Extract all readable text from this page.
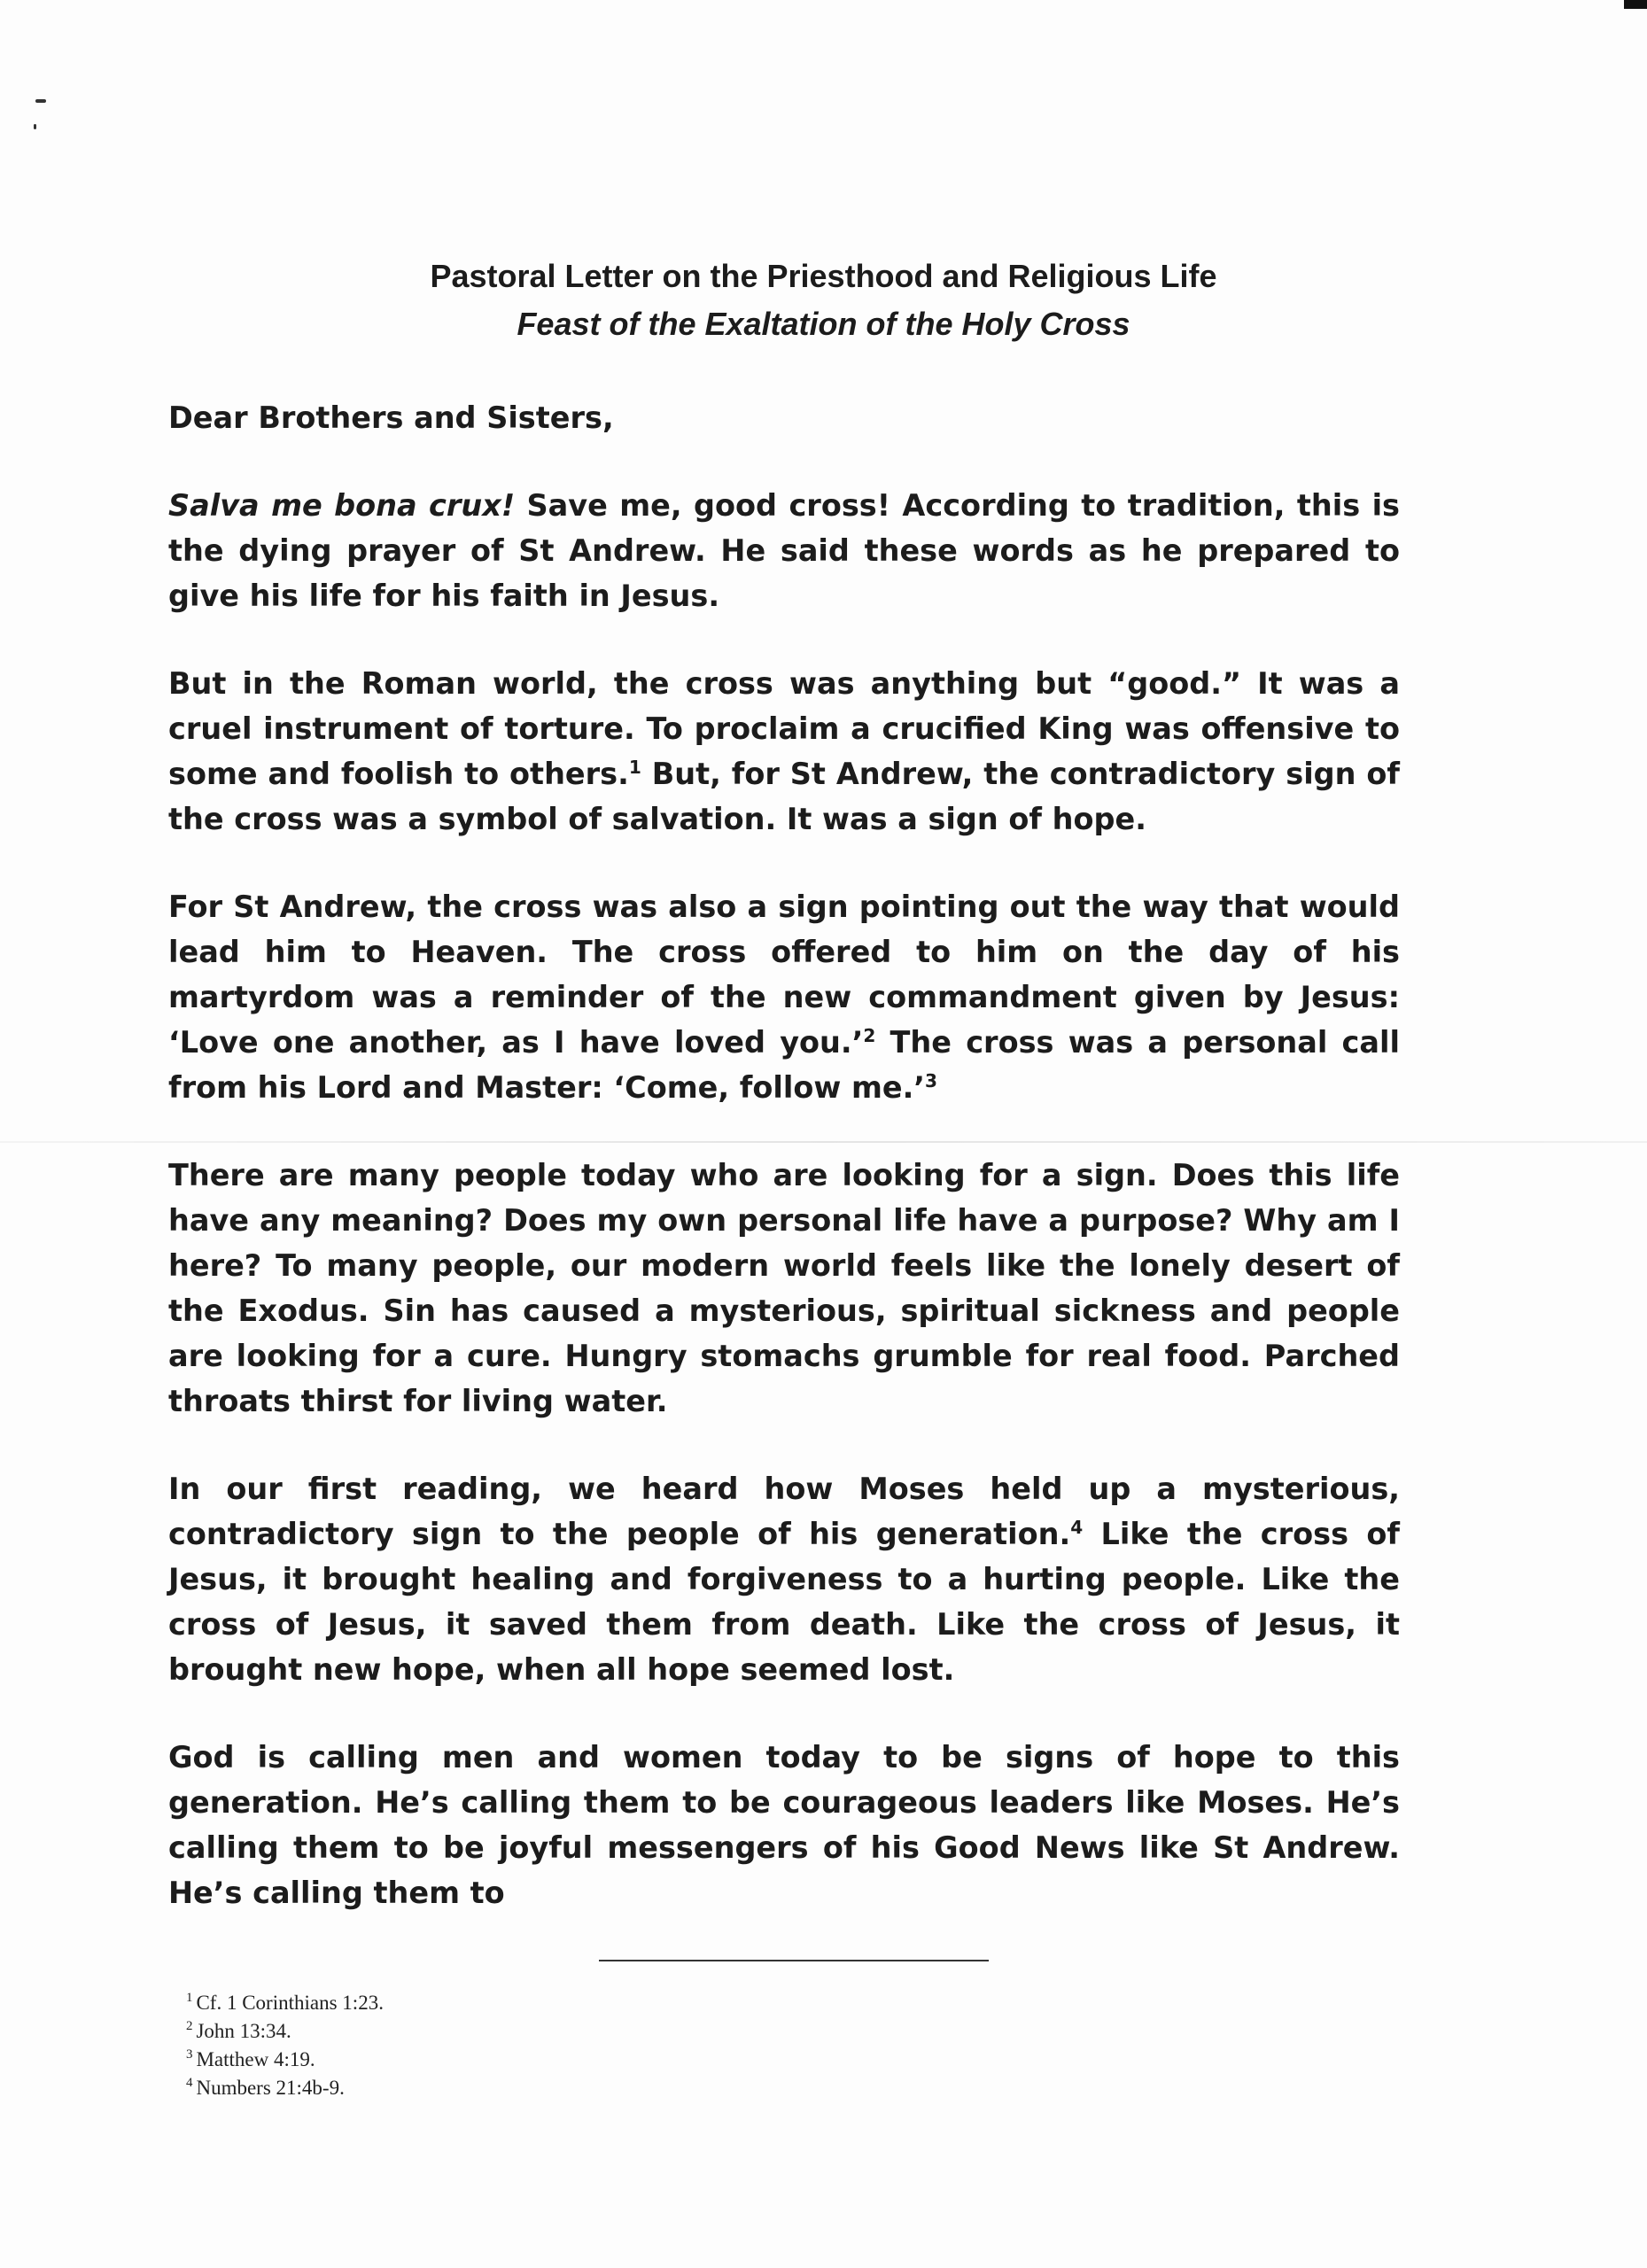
Pastoral Letter on the Priesthood and Religious Life
Feast of the Exaltation of the Holy Cross

Dear Brothers and Sisters,

Salva me bona crux! Save me, good cross! According to tradition, this is the dying prayer of St Andrew. He said these words as he prepared to give his life for his faith in Jesus.

But in the Roman world, the cross was anything but “good.” It was a cruel instrument of torture. To proclaim a crucified King was offensive to some and foolish to others.$^1$ But, for St Andrew, the contradictory sign of the cross was a symbol of salvation. It was a sign of hope.

For St Andrew, the cross was also a sign pointing out the way that would lead him to Heaven. The cross offered to him on the day of his martyrdom was a reminder of the new commandment given by Jesus: ‘Love one another, as I have loved you.’$^2$ The cross was a personal call from his Lord and Master: ‘Come, follow me.’$^3$

There are many people today who are looking for a sign. Does this life have any meaning? Does my own personal life have a purpose? Why am I here? To many people, our modern world feels like the lonely desert of the Exodus. Sin has caused a mysterious, spiritual sickness and people are looking for a cure. Hungry stomachs grumble for real food. Parched throats thirst for living water.

In our first reading, we heard how Moses held up a mysterious, contradictory sign to the people of his generation.$^4$ Like the cross of Jesus, it brought healing and forgiveness to a hurting people. Like the cross of Jesus, it saved them from death. Like the cross of Jesus, it brought new hope, when all hope seemed lost.

God is calling men and women today to be signs of hope to this generation. He’s calling them to be courageous leaders like Moses. He’s calling them to be joyful messengers of his Good News like St Andrew. He’s calling them to

$^1$ Cf. 1 Corinthians 1:23.
$^2$ John 13:34.
$^3$ Matthew 4:19.
$^4$ Numbers 21:4b-9.
